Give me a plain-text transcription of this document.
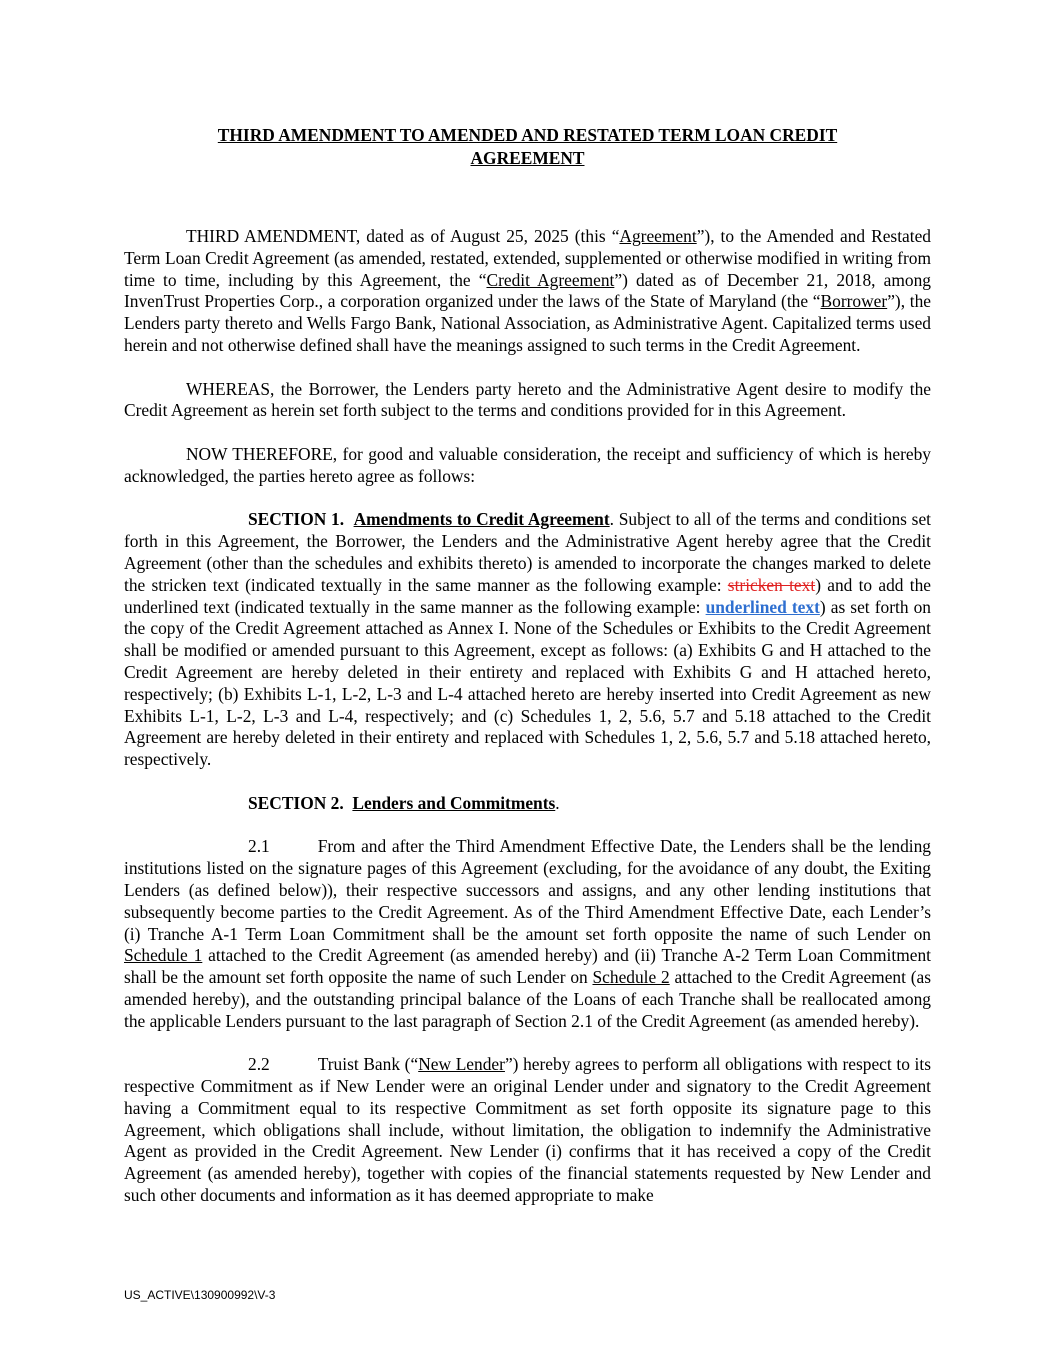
THIRD AMENDMENT TO AMENDED AND RESTATED TERM LOAN CREDIT AGREEMENT

THIRD AMENDMENT, dated as of August 25, 2025 (this “Agreement”), to the Amended and Restated Term Loan Credit Agreement (as amended, restated, extended, supplemented or otherwise modified in writing from time to time, including by this Agreement, the “Credit Agreement”) dated as of December 21, 2018, among InvenTrust Properties Corp., a corporation organized under the laws of the State of Maryland (the “Borrower”), the Lenders party thereto and Wells Fargo Bank, National Association, as Administrative Agent. Capitalized terms used herein and not otherwise defined shall have the meanings assigned to such terms in the Credit Agreement.

WHEREAS, the Borrower, the Lenders party hereto and the Administrative Agent desire to modify the Credit Agreement as herein set forth subject to the terms and conditions provided for in this Agreement.

NOW THEREFORE, for good and valuable consideration, the receipt and sufficiency of which is hereby acknowledged, the parties hereto agree as follows:

SECTION 1. Amendments to Credit Agreement. Subject to all of the terms and conditions set forth in this Agreement, the Borrower, the Lenders and the Administrative Agent hereby agree that the Credit Agreement (other than the schedules and exhibits thereto) is amended to incorporate the changes marked to delete the stricken text (indicated textually in the same manner as the following example: stricken text) and to add the underlined text (indicated textually in the same manner as the following example: underlined text) as set forth on the copy of the Credit Agreement attached as Annex I. None of the Schedules or Exhibits to the Credit Agreement shall be modified or amended pursuant to this Agreement, except as follows: (a) Exhibits G and H attached to the Credit Agreement are hereby deleted in their entirety and replaced with Exhibits G and H attached hereto, respectively; (b) Exhibits L-1, L-2, L-3 and L-4 attached hereto are hereby inserted into Credit Agreement as new Exhibits L-1, L-2, L-3 and L-4, respectively; and (c) Schedules 1, 2, 5.6, 5.7 and 5.18 attached to the Credit Agreement are hereby deleted in their entirety and replaced with Schedules 1, 2, 5.6, 5.7 and 5.18 attached hereto, respectively.

SECTION 2. Lenders and Commitments.

2.1	From and after the Third Amendment Effective Date, the Lenders shall be the lending institutions listed on the signature pages of this Agreement (excluding, for the avoidance of any doubt, the Exiting Lenders (as defined below)), their respective successors and assigns, and any other lending institutions that subsequently become parties to the Credit Agreement. As of the Third Amendment Effective Date, each Lender’s (i) Tranche A-1 Term Loan Commitment shall be the amount set forth opposite the name of such Lender on Schedule 1 attached to the Credit Agreement (as amended hereby) and (ii) Tranche A-2 Term Loan Commitment shall be the amount set forth opposite the name of such Lender on Schedule 2 attached to the Credit Agreement (as amended hereby), and the outstanding principal balance of the Loans of each Tranche shall be reallocated among the applicable Lenders pursuant to the last paragraph of Section 2.1 of the Credit Agreement (as amended hereby).

2.2	Truist Bank (“New Lender”) hereby agrees to perform all obligations with respect to its respective Commitment as if New Lender were an original Lender under and signatory to the Credit Agreement having a Commitment equal to its respective Commitment as set forth opposite its signature page to this Agreement, which obligations shall include, without limitation, the obligation to indemnify the Administrative Agent as provided in the Credit Agreement. New Lender (i) confirms that it has received a copy of the Credit Agreement (as amended hereby), together with copies of the financial statements requested by New Lender and such other documents and information as it has deemed appropriate to make

US_ACTIVE\130900992\V-3
